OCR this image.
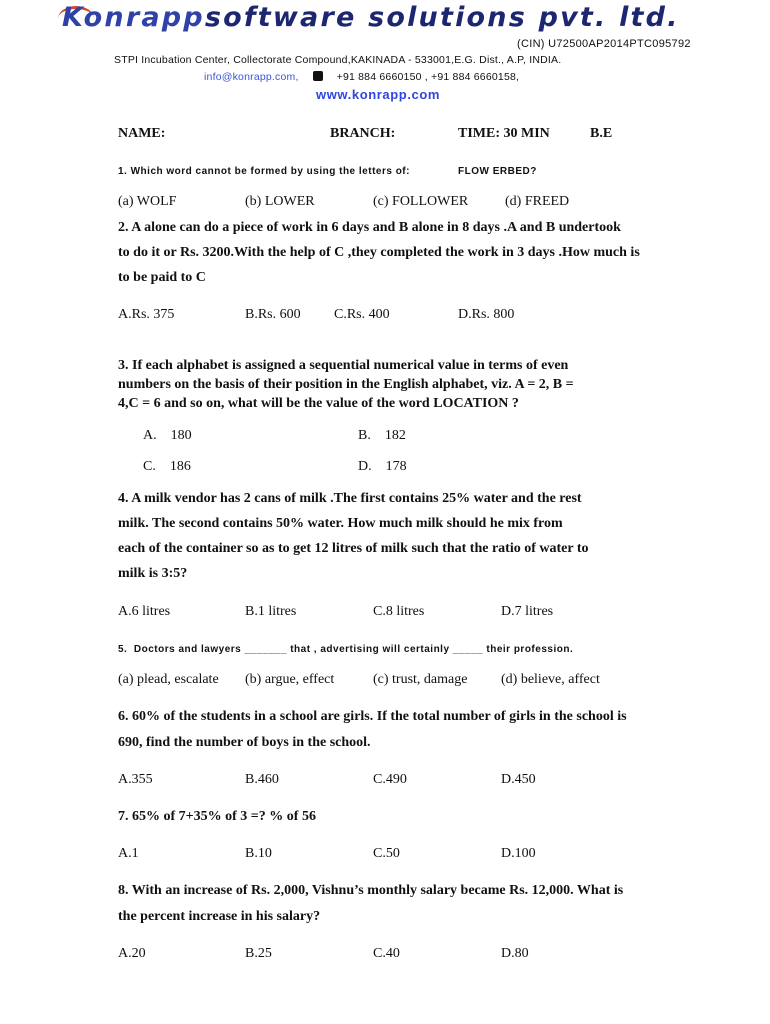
Konrappsoftware solutions pvt. ltd.
(CIN) U72500AP2014PTC095792
STPI Incubation Center, Collectorate Compound,KAKINADA - 533001,E.G. Dist., A.P, INDIA.
info@konrapp.com,	+91 884 6660150 , +91 884 6660158,
www.konrapp.com
NAME:	BRANCH:	TIME: 30 MIN	B.E
1. Which word cannot be formed by using the letters of:	FLOW ERBED?
(a) WOLF	(b) LOWER	(c) FOLLOWER	(d) FREED
2. A alone can do a piece of work in 6 days and B alone in 8 days .A and B undertook
to do it or Rs. 3200.With the help of C ,they completed the work in 3 days .How much is
to be paid to C
A.Rs. 375	B.Rs. 600 C.Rs. 400	D.Rs. 800
3. If each alphabet is assigned a sequential numerical value in terms of even
numbers on the basis of their position in the English alphabet, viz. A = 2, B =
4,C = 6 and so on, what will be the value of the word LOCATION ?
A.    180	B.    182
C.    186	D.    178
4. A milk vendor has 2 cans of milk .The first contains 25% water and the rest
milk. The second contains 50% water. How much milk should he mix from
each of the container so as to get 12 litres of milk such that the ratio of water to
milk is 3:5?
A.6 litres	B.1 litres	C.8 litres	D.7 litres
5.  Doctors and lawyers _______ that , advertising will certainly _____ their profession.
(a) plead, escalate (b) argue, effect	(c) trust, damage (d) believe, affect
6. 60% of the students in a school are girls. If the total number of girls in the school is
690, find the number of boys in the school.
A.355	B.460	C.490	D.450
7. 65% of 7+35% of 3 =? % of 56
A.1	B.10	C.50	D.100
8. With an increase of Rs. 2,000, Vishnu’s monthly salary became Rs. 12,000. What is
the percent increase in his salary?
A.20	B.25	C.40	D.80
